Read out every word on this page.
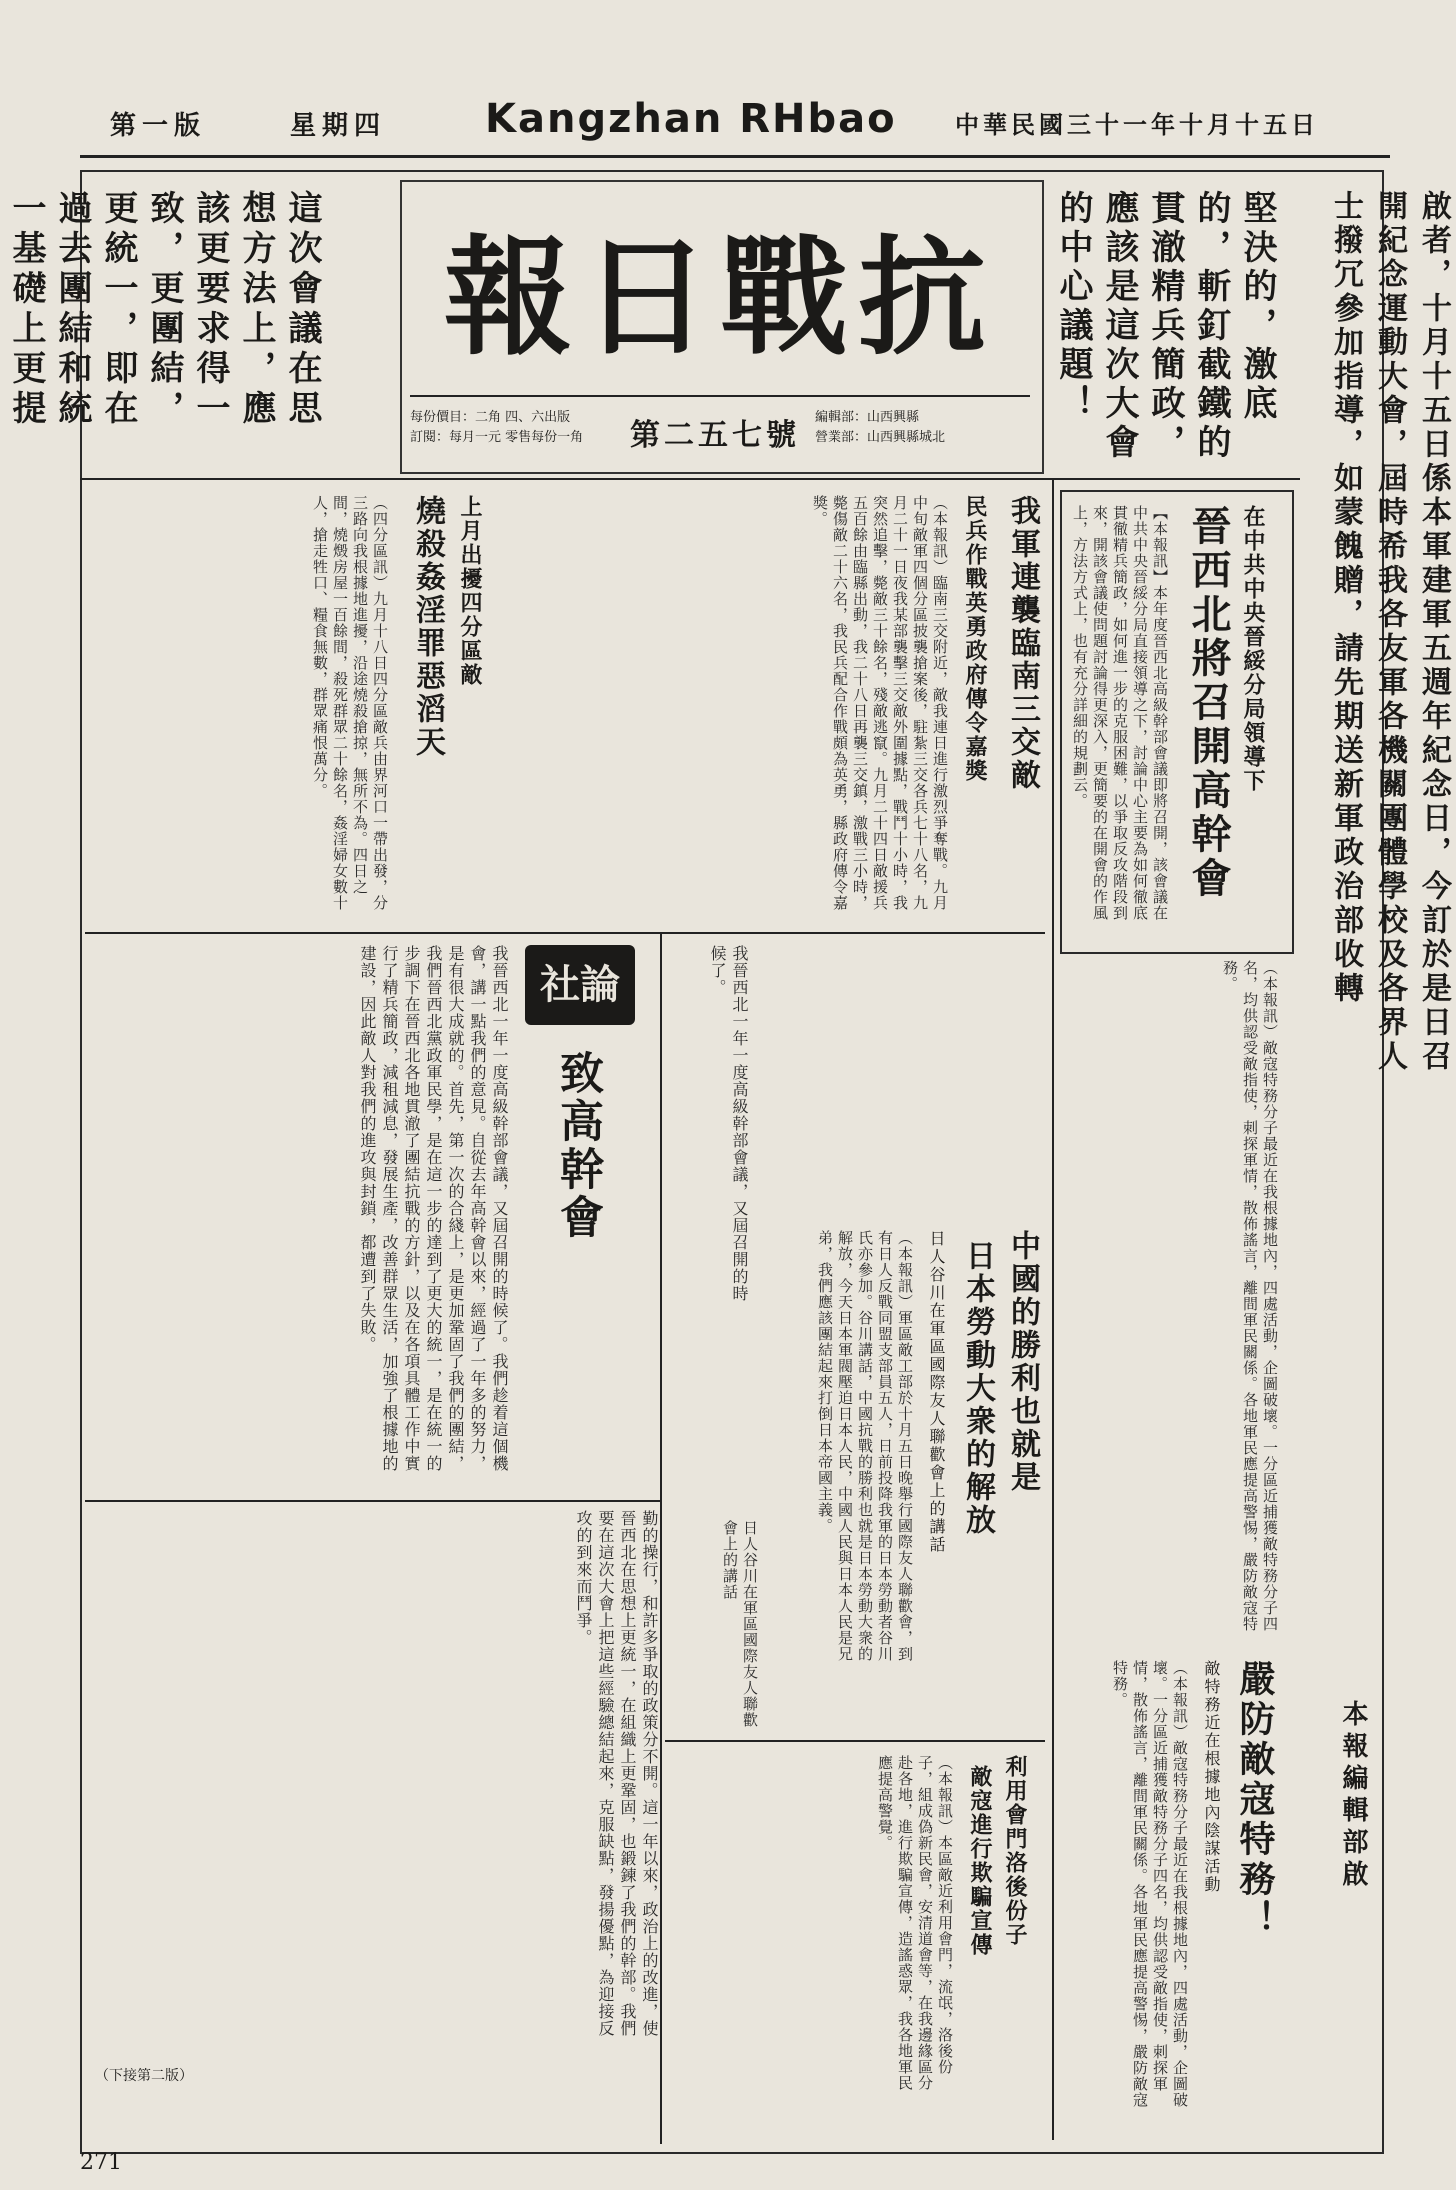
第一版	星期四 Kangzhan RHbao 中華民國三十一年十月十五日
這次會議在思想方法上，應該更要求得一致，更團結，更統一，即在過去團結和統一基礎上更提
抗戰日報
每份價目：二角 四、六出版
訂閱：每月一元 零售每份一角	第二五七號
編輯部：山西興縣
營業部：山西興縣城北
堅決的，激底的，斬釘截鐵的貫澈精兵簡政，應該是這次大會的中心議題！	啟者，十月十五日係本軍建軍五週年紀念日，今訂於是日召開紀念運動大會，屆時希我各友軍各機關團體學校及各界人士撥冗參加指導，如蒙餽贈，請先期送新軍政治部收轉
本報編輯部啟
在中共中央晉綏分局領導下
晉西北將召開高幹會
【本報訊】本年度晉西北高級幹部會議即將召開，該會議在中共中央晉綏分局直接領導之下，討論中心主要為如何徹底貫徹精兵簡政，如何進一步的克服困難，以爭取反攻階段到來，開該會議使問題討論得更深入，更簡要的在開會的作風上，方法方式上，也有充分詳細的規劃云。
我軍連襲臨南三交敵
民兵作戰英勇政府傳令嘉獎
（本報訊）臨南三交附近，敵我連日進行激烈爭奪戰。九月中旬敵軍四個分區披襲搶案後，駐紮三交各兵七十八名，九月二十一日夜我某部襲擊三交敵外圍據點，戰鬥十小時，我突然追擊，斃敵三十餘名，殘敵逃竄。九月二十四日敵援兵五百餘由臨縣出動，我二十八日再襲三交鎮，激戰三小時，斃傷敵二十六名，我民兵配合作戰頗為英勇，縣政府傳令嘉獎。
上月出擾四分區敵
燒殺姦淫罪惡滔天
（四分區訊）九月十八日四分區敵兵由界河口一帶出發，分三路向我根據地進擾，沿途燒殺搶掠，無所不為。四日之間，燒燬房屋一百餘間，殺死群眾二十餘名，姦淫婦女數十人，搶走牲口、糧食無數，群眾痛恨萬分。
社論
致高幹會
我晉西北一年一度高級幹部會議，又屆召開的時候了。我們趁着這個機會，講一點我們的意見。自從去年高幹會以來，經過了一年多的努力，是有很大成就的。首先，第一次的合綫上，是更加鞏固了我們的團結，我們晉西北黨政軍民學，是在這一步的達到了更大的統一，是在統一的步調下在晉西北各地貫澈了團結抗戰的方針，以及在各項具體工作中實行了精兵簡政，減租減息，發展生產，改善群眾生活，加強了根據地的建設，因此敵人對我們的進攻與封鎖，都遭到了失敗。	我晉西北一年一度高級幹部會議，又屆召開的時候了。
中國的勝利也就是
日本勞動大衆的解放
日人谷川在軍區國際友人聯歡會上的講話
（本報訊）軍區敵工部於十月五日晚舉行國際友人聯歡會，到有日人反戰同盟支部員五人，日前投降我軍的日本勞動者谷川氏亦參加。谷川講話，中國抗戰的勝利也就是日本勞動大衆的解放，今天日本軍閥壓迫日本人民，中國人民與日本人民是兄弟，我們應該團結起來打倒日本帝國主義。
嚴防敵寇特務！
敵特務近在根據地內陰謀活動
（本報訊）敵寇特務分子最近在我根據地內，四處活動，企圖破壞。一分區近捕獲敵特務分子四名，均供認受敵指使，刺探軍情，散佈謠言，離間軍民關係。各地軍民應提高警惕，嚴防敵寇特務。
（本報訊）敵寇特務分子最近在我根據地內，四處活動，企圖破壞。一分區近捕獲敵特務分子四名，均供認受敵指使，刺探軍情，散佈謠言，離間軍民關係。各地軍民應提高警惕，嚴防敵寇特務。
利用會門洛後份子
敵寇進行欺騙宣傳
（本報訊）本區敵近利用會門，流氓，洛後份子，組成偽新民會，安清道會等，在我邊緣區分赴各地，進行欺騙宣傳，造謠惑眾，我各地軍民應提高警覺。
勤的操行，和許多爭取的政策分不開。這一年以來，政治上的改進，使晉西北在思想上更統一，在組織上更鞏固，也鍛鍊了我們的幹部。我們要在這次大會上把這些經驗總結起來，克服缺點，發揚優點，為迎接反攻的到來而鬥爭。
（下接第二版）
日人谷川在軍區國際友人聯歡會上的講話
271
